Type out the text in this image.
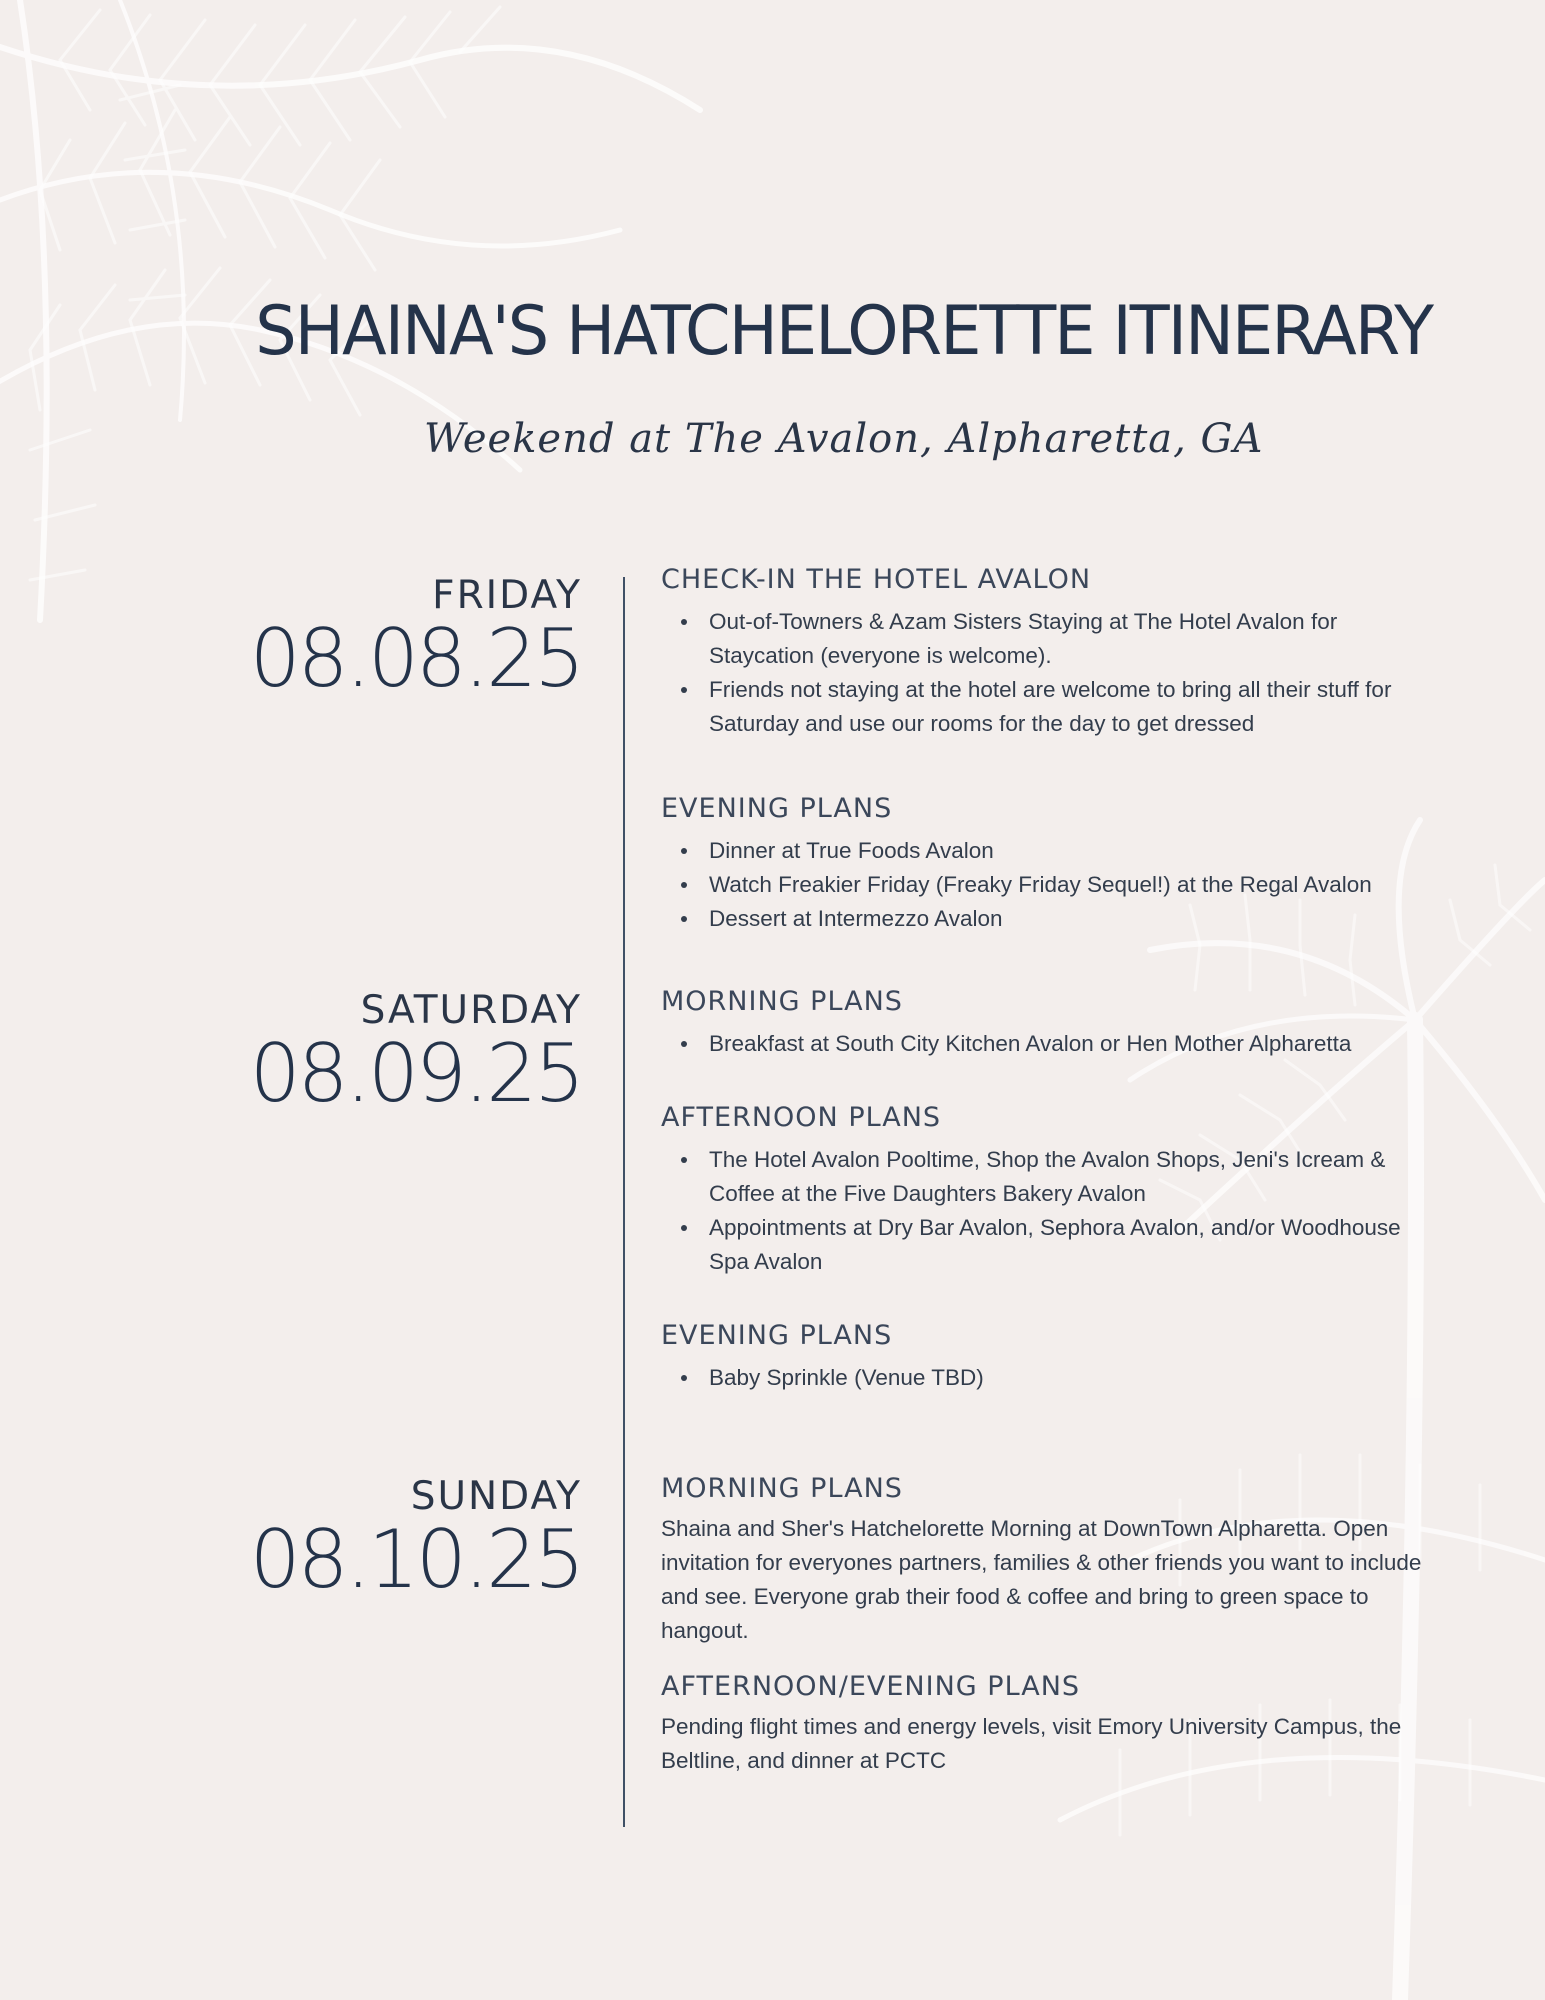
SHAINA'S HATCHELORETTE ITINERARY
Weekend at The Avalon, Alpharetta, GA
FRIDAY
08.08.25
SATURDAY
08.09.25
SUNDAY
08.10.25
CHECK-IN THE HOTEL AVALON
Out-of-Towners & Azam Sisters Staying at The Hotel Avalon for Staycation (everyone is welcome).
Friends not staying at the hotel are welcome to bring all their stuff for Saturday and use our rooms for the day to get dressed
EVENING PLANS
Dinner at True Foods Avalon
Watch Freakier Friday (Freaky Friday Sequel!) at the Regal Avalon
Dessert at Intermezzo Avalon
MORNING PLANS
Breakfast at South City Kitchen Avalon or Hen Mother Alpharetta
AFTERNOON PLANS
The Hotel Avalon Pooltime, Shop the Avalon Shops, Jeni's Icream & Coffee at the Five Daughters Bakery Avalon
Appointments at Dry Bar Avalon, Sephora Avalon, and/or Woodhouse Spa Avalon
EVENING PLANS
Baby Sprinkle (Venue TBD)
MORNING PLANS

Shaina and Sher's Hatchelorette Morning at DownTown Alpharetta. Open invitation for everyones partners, families & other friends you want to include and see. Everyone grab their food & coffee and bring to green space to hangout.

AFTERNOON/EVENING PLANS

Pending flight times and energy levels, visit Emory University Campus, the Beltline, and dinner at PCTC
